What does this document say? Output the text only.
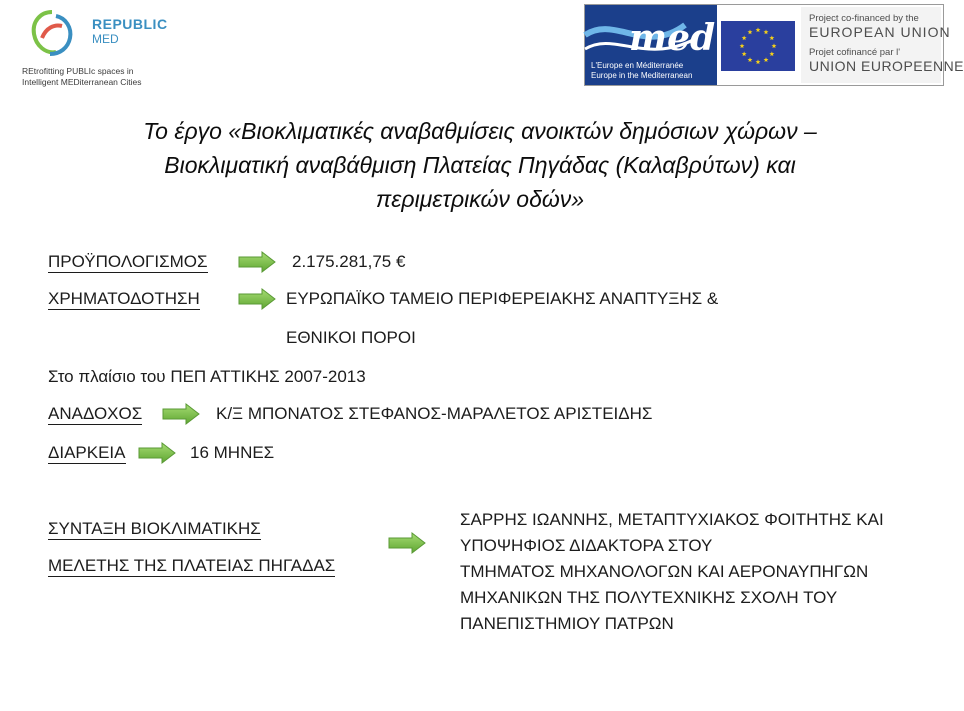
REPUBLIC
MED
REtrofitting PUBLIc spaces in
Intelligent MEDiterranean Cities
med
L'Europe en Méditerranée
Europe in the Mediterranean
Project co-financed by the
EUROPEAN UNION
Projet cofinancé par l'
UNION EUROPEENNE
Το έργο «Βιοκλιματικές αναβαθμίσεις ανοικτών δημόσιων χώρων –
Βιοκλιματική αναβάθμιση Πλατείας Πηγάδας (Καλαβρύτων) και
περιμετρικών οδών»
ΠΡΟΫΠΟΛΟΓΙΣΜΟΣ	2.175.281,75 €
ΧΡΗΜΑΤΟΔΟΤΗΣΗ	ΕΥΡΩΠΑΪΚΟ ΤΑΜΕΙΟ ΠΕΡΙΦΕΡΕΙΑΚΗΣ ΑΝΑΠΤΥΞΗΣ &
ΕΘΝΙΚΟΙ ΠΟΡΟΙ
Στο πλαίσιο του ΠΕΠ ΑΤΤΙΚΗΣ 2007-2013
ΑΝΑΔΟΧΟΣ	Κ/Ξ ΜΠΟΝΑΤΟΣ ΣΤΕΦΑΝΟΣ-ΜΑΡΑΛΕΤΟΣ ΑΡΙΣΤΕΙΔΗΣ
ΔΙΑΡΚΕΙΑ	16 ΜΗΝΕΣ
ΣΥΝΤΑΞΗ ΒΙΟΚΛΙΜΑΤΙΚΗΣ
ΜΕΛΕΤΗΣ ΤΗΣ ΠΛΑΤΕΙΑΣ ΠΗΓΑΔΑΣ
ΣΑΡΡΗΣ ΙΩΑΝΝΗΣ, ΜΕΤΑΠΤΥΧΙΑΚΟΣ ΦΟΙΤΗΤΗΣ ΚΑΙ
ΥΠΟΨΗΦΙΟΣ ΔΙΔΑΚΤΟΡΑ ΣΤΟΥ
ΤΜΗΜΑΤΟΣ ΜΗΧΑΝΟΛΟΓΩΝ ΚΑΙ ΑΕΡΟΝΑΥΠΗΓΩΝ
ΜΗΧΑΝΙΚΩΝ ΤΗΣ ΠΟΛΥΤΕΧΝΙΚΗΣ ΣΧΟΛΗ ΤΟΥ
ΠΑΝΕΠΙΣΤΗΜΙΟΥ ΠΑΤΡΩΝ
